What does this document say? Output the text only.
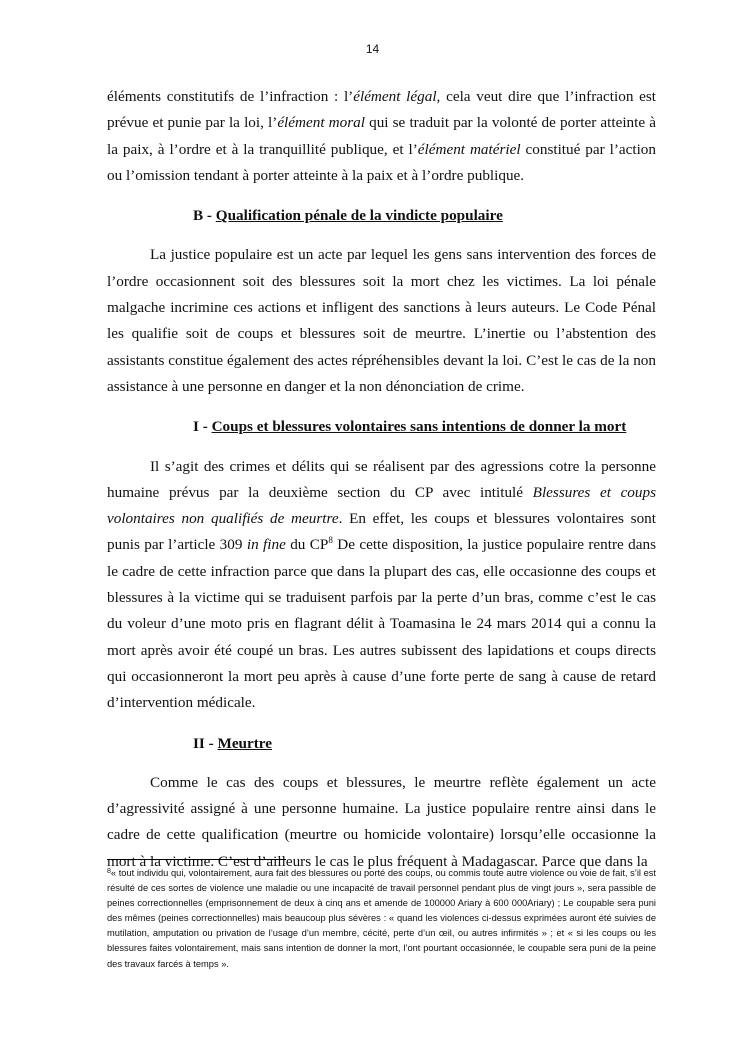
14

éléments constitutifs de l’infraction : l’élément légal, cela veut dire que l’infraction est prévue et punie par la loi, l’élément moral qui se traduit par la volonté de porter atteinte à la paix, à l’ordre et à la tranquillité publique, et l’élément matériel constitué par l’action ou l’omission tendant à porter atteinte à la paix et à l’ordre publique.

B - Qualification pénale de la vindicte populaire

La justice populaire est un acte par lequel les gens sans intervention des forces de l’ordre occasionnent soit des blessures soit la mort chez les victimes. La loi pénale malgache incrimine ces actions et infligent des sanctions à leurs auteurs. Le Code Pénal les qualifie soit de coups et blessures soit de meurtre. L’inertie ou l’abstention des assistants constitue également des actes répréhensibles devant la loi. C’est le cas de la non assistance à une personne en danger et la non dénonciation de crime.

I - Coups et blessures volontaires sans intentions de donner la mort

Il s’agit des crimes et délits qui se réalisent par des agressions cotre la personne humaine prévus par la deuxième section du CP avec intitulé Blessures et coups volontaires non qualifiés de meurtre. En effet, les coups et blessures volontaires sont punis par l’article 309 in fine du CP$^8$ De cette disposition, la justice populaire rentre dans le cadre de cette infraction parce que dans la plupart des cas, elle occasionne des coups et blessures à la victime qui se traduisent parfois par la perte d’un bras, comme c’est le cas du voleur d’une moto pris en flagrant délit à Toamasina le 24 mars 2014 qui a connu la mort après avoir été coupé un bras. Les autres subissent des lapidations et coups directs qui occasionneront la mort peu après à cause d’une forte perte de sang à cause de retard d’intervention médicale.

II - Meurtre

Comme le cas des coups et blessures, le meurtre reflète également un acte d’agressivité assigné à une personne humaine. La justice populaire rentre ainsi dans le cadre de cette qualification (meurtre ou homicide volontaire) lorsqu’elle occasionne la mort à la victime. C’est d’ailleurs le cas le plus fréquent à Madagascar. Parce que dans la

$^8$« tout individu qui, volontairement, aura fait des blessures ou porté des coups, ou commis toute autre violence ou voie de fait, s’il est résulté de ces sortes de violence une maladie ou une incapacité de travail personnel pendant plus de vingt jours », sera passible de peines correctionnelles (emprisonnement de deux à cinq ans et amende de 100000 Ariary à 600 000Ariary) ; Le coupable sera puni des mêmes (peines correctionnelles) mais beaucoup plus sévères : « quand les violences ci-dessus exprimées auront été suivies de mutilation, amputation ou privation de l’usage d’un membre, cécité, perte d’un œil, ou autres infirmités » ; et « si les coups ou les blessures faites volontairement, mais sans intention de donner la mort, l’ont pourtant occasionnée, le coupable sera puni de la peine des travaux farcés à temps ».
